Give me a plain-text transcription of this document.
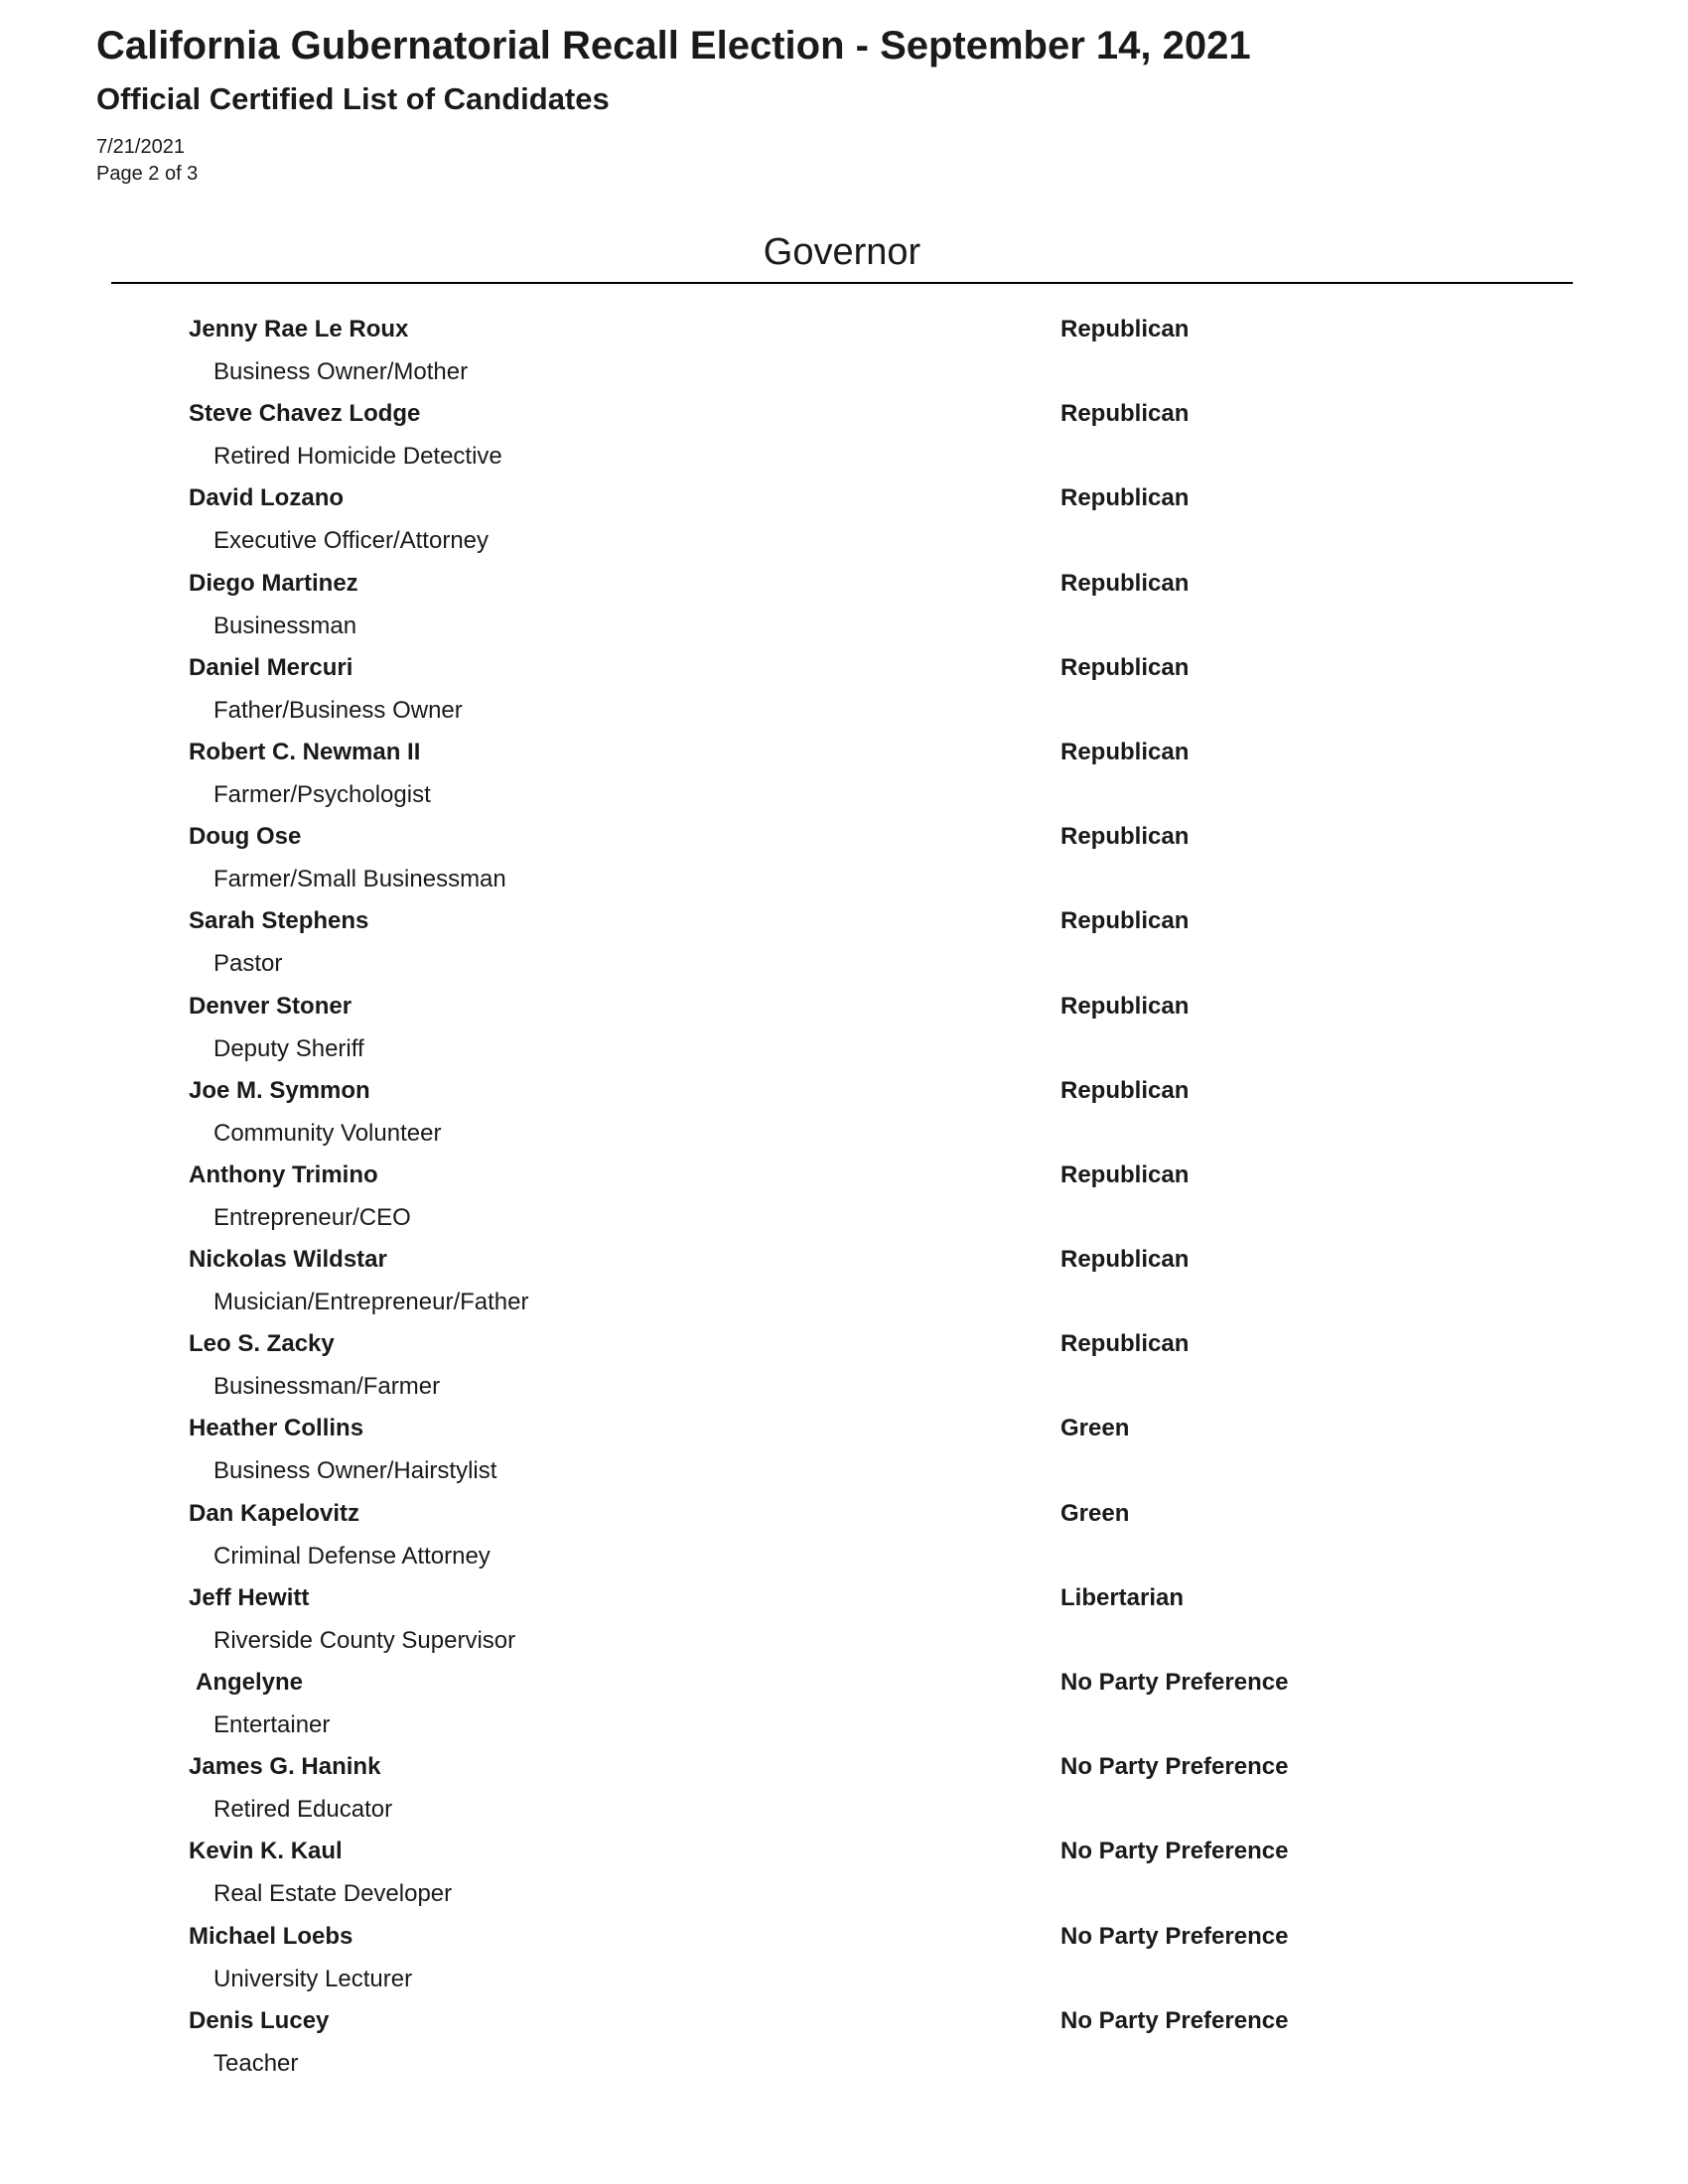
California Gubernatorial Recall Election - September 14, 2021
Official Certified List of Candidates
7/21/2021
Page 2 of 3
Governor
Jenny Rae Le Roux	Republican
Business Owner/Mother
Steve Chavez Lodge	Republican
Retired Homicide Detective
David Lozano	Republican
Executive Officer/Attorney
Diego Martinez	Republican
Businessman
Daniel Mercuri	Republican
Father/Business Owner
Robert C. Newman II	Republican
Farmer/Psychologist
Doug Ose	Republican
Farmer/Small Businessman
Sarah Stephens	Republican
Pastor
Denver Stoner	Republican
Deputy Sheriff
Joe M. Symmon	Republican
Community Volunteer
Anthony Trimino	Republican
Entrepreneur/CEO
Nickolas Wildstar	Republican
Musician/Entrepreneur/Father
Leo S. Zacky	Republican
Businessman/Farmer
Heather Collins	Green
Business Owner/Hairstylist
Dan Kapelovitz	Green
Criminal Defense Attorney
Jeff Hewitt	Libertarian
Riverside County Supervisor
Angelyne	No Party Preference
Entertainer
James G. Hanink	No Party Preference
Retired Educator
Kevin K. Kaul	No Party Preference
Real Estate Developer
Michael Loebs	No Party Preference
University Lecturer
Denis Lucey	No Party Preference
Teacher
